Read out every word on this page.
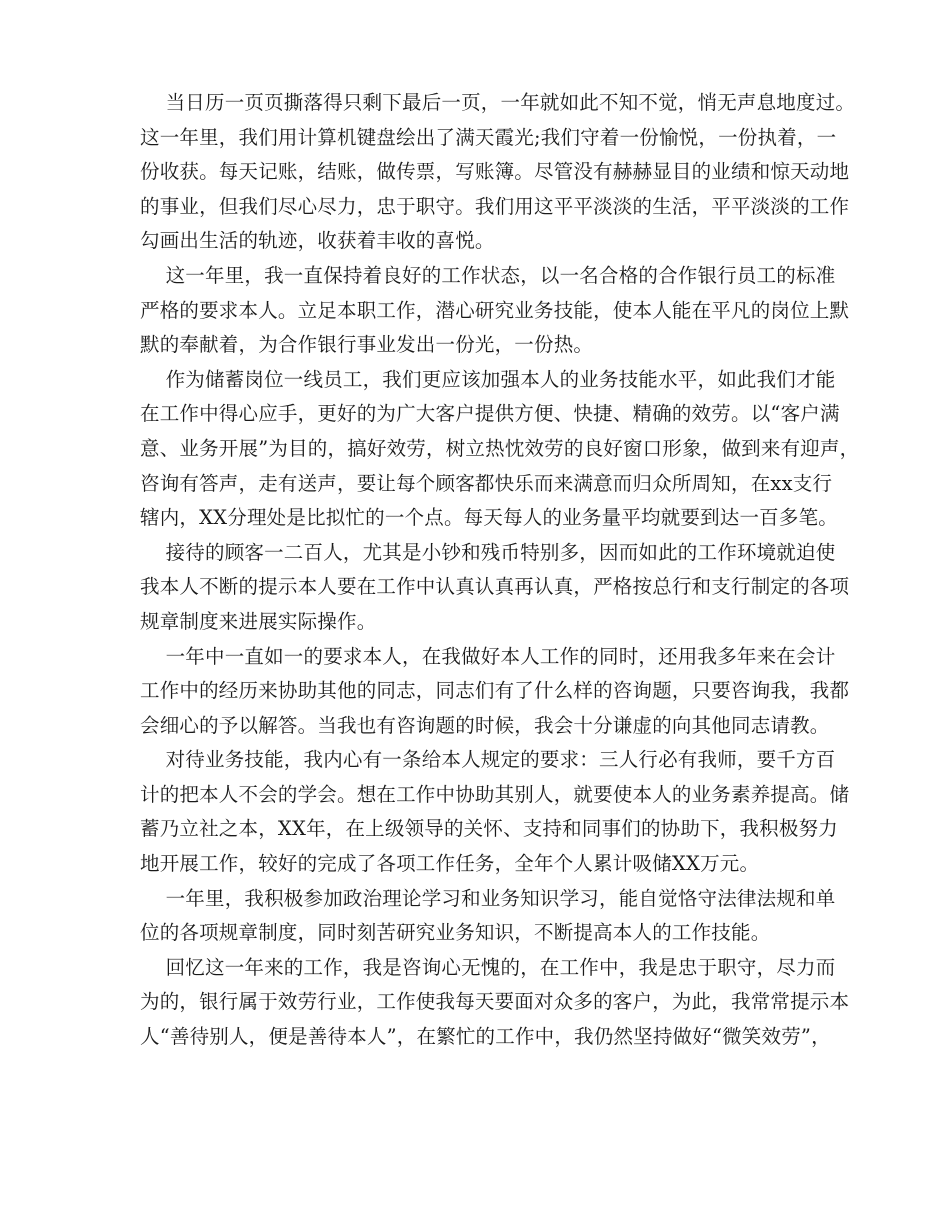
当日历一页页撕落得只剩下最后一页，一年就如此不知不觉，悄无声息地度过。
这一年里，我们用计算机键盘绘出了满天霞光;我们守着一份愉悦，一份执着，一
份收获。每天记账，结账，做传票，写账簿。尽管没有赫赫显目的业绩和惊天动地
的事业，但我们尽心尽力，忠于职守。我们用这平平淡淡的生活，平平淡淡的工作
勾画出生活的轨迹，收获着丰收的喜悦。
这一年里，我一直保持着良好的工作状态，以一名合格的合作银行员工的标准
严格的要求本人。立足本职工作，潜心研究业务技能，使本人能在平凡的岗位上默
默的奉献着，为合作银行事业发出一份光，一份热。
作为储蓄岗位一线员工，我们更应该加强本人的业务技能水平，如此我们才能
在工作中得心应手，更好的为广大客户提供方便、快捷、精确的效劳。以“客户满
意、业务开展”为目的，搞好效劳，树立热忱效劳的良好窗口形象，做到来有迎声，
咨询有答声，走有送声，要让每个顾客都快乐而来满意而归众所周知，在xx支行
辖内，XX分理处是比拟忙的一个点。每天每人的业务量平均就要到达一百多笔。
接待的顾客一二百人，尤其是小钞和残币特别多，因而如此的工作环境就迫使
我本人不断的提示本人要在工作中认真认真再认真，严格按总行和支行制定的各项
规章制度来进展实际操作。
一年中一直如一的要求本人，在我做好本人工作的同时，还用我多年来在会计
工作中的经历来协助其他的同志，同志们有了什么样的咨询题，只要咨询我，我都
会细心的予以解答。当我也有咨询题的时候，我会十分谦虚的向其他同志请教。
对待业务技能，我内心有一条给本人规定的要求：三人行必有我师，要千方百
计的把本人不会的学会。想在工作中协助其别人，就要使本人的业务素养提高。储
蓄乃立社之本，XX年，在上级领导的关怀、支持和同事们的协助下，我积极努力
地开展工作，较好的完成了各项工作任务，全年个人累计吸储XX万元。
一年里，我积极参加政治理论学习和业务知识学习，能自觉恪守法律法规和单
位的各项规章制度，同时刻苦研究业务知识，不断提高本人的工作技能。
回忆这一年来的工作，我是咨询心无愧的，在工作中，我是忠于职守，尽力而
为的，银行属于效劳行业，工作使我每天要面对众多的客户，为此，我常常提示本
人“善待别人，便是善待本人”，在繁忙的工作中，我仍然坚持做好“微笑效劳”，
